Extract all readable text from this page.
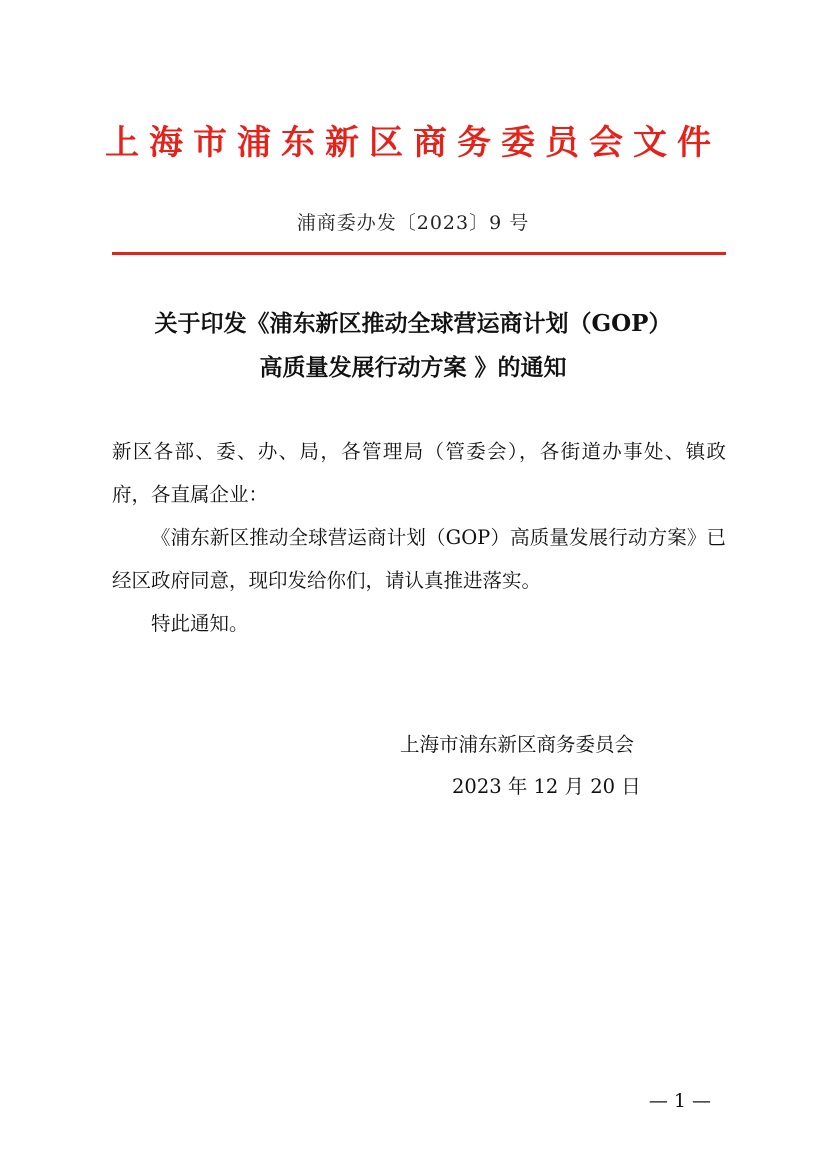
上海市浦东新区商务委员会文件
浦商委办发〔2023〕9 号
关于印发《浦东新区推动全球营运商计划（GOP）
高质量发展行动方案 》的通知

新区各部、委、办、局，各管理局（管委会），各街道办事处、镇政府，各直属企业：

《浦东新区推动全球营运商计划（GOP）高质量发展行动方案》已经区政府同意，现印发给你们，请认真推进落实。

特此通知。

上海市浦东新区商务委员会
2023 年 12 月 20 日
— 1 —
